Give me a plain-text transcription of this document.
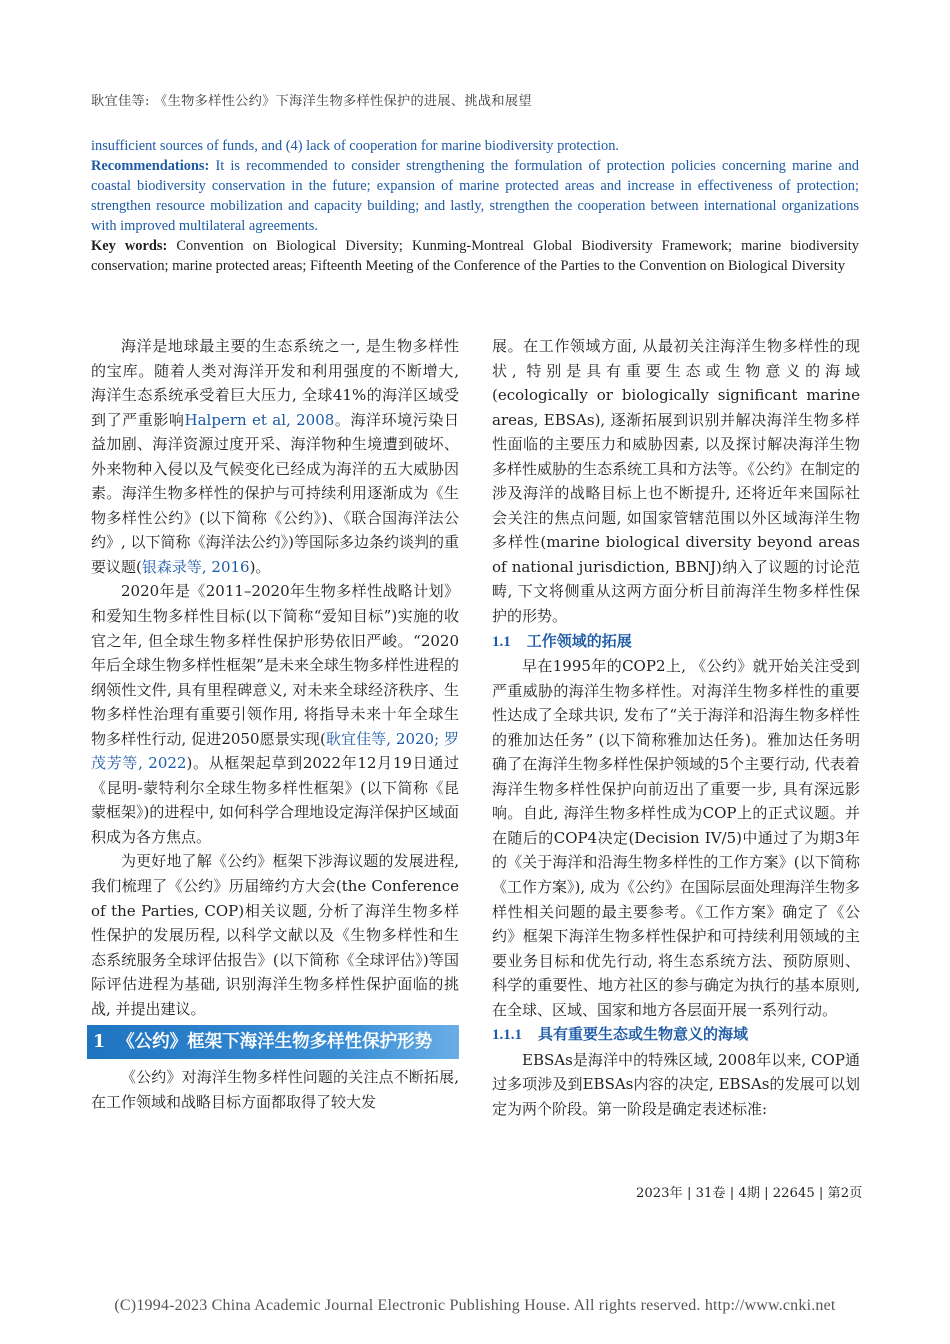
耿宜佳等: 《生物多样性公约》下海洋生物多样性保护的进展、挑战和展望
insufficient sources of funds, and (4) lack of cooperation for marine biodiversity protection.
Recommendations: It is recommended to consider strengthening the formulation of protection policies concerning marine and coastal biodiversity conservation in the future; expansion of marine protected areas and increase in effectiveness of protection; strengthen resource mobilization and capacity building; and lastly, strengthen the cooperation between international organizations with improved multilateral agreements.
Key words: Convention on Biological Diversity; Kunming-Montreal Global Biodiversity Framework; marine biodiversity conservation; marine protected areas; Fifteenth Meeting of the Conference of the Parties to the Convention on Biological Diversity

海洋是地球最主要的生态系统之一, 是生物多样性的宝库。随着人类对海洋开发和利用强度的不断增大, 海洋生态系统承受着巨大压力, 全球41%的海洋区域受到了严重影响Halpern et al, 2008。海洋环境污染日益加剧、海洋资源过度开采、海洋物种生境遭到破坏、外来物种入侵以及气候变化已经成为海洋的五大威胁因素。海洋生物多样性的保护与可持续利用逐渐成为《生物多样性公约》(以下简称《公约》)、《联合国海洋法公约》, 以下简称《海洋法公约》)等国际多边条约谈判的重要议题(银森录等, 2016)。

2020年是《2011–2020年生物多样性战略计划》和爱知生物多样性目标(以下简称“爱知目标”)实施的收官之年, 但全球生物多样性保护形势依旧严峻。“2020年后全球生物多样性框架”是未来全球生物多样性进程的纲领性文件, 具有里程碑意义, 对未来全球经济秩序、生物多样性治理有重要引领作用, 将指导未来十年全球生物多样性行动, 促进2050愿景实现(耿宜佳等, 2020; 罗茂芳等, 2022)。从框架起草到2022年12月19日通过《昆明-蒙特利尔全球生物多样性框架》(以下简称《昆蒙框架》)的进程中, 如何科学合理地设定海洋保护区域面积成为各方焦点。

为更好地了解《公约》框架下涉海议题的发展进程, 我们梳理了《公约》历届缔约方大会(the Conference of the Parties, COP)相关议题, 分析了海洋生物多样性保护的发展历程, 以科学文献以及《生物多样性和生态系统服务全球评估报告》(以下简称《全球评估》)等国际评估进程为基础, 识别海洋生物多样性保护面临的挑战, 并提出建议。

1 《公约》框架下海洋生物多样性保护形势

《公约》对海洋生物多样性问题的关注点不断拓展, 在工作领域和战略目标方面都取得了较大发

展。在工作领域方面, 从最初关注海洋生物多样性的现状, 特别是具有重要生态或生物意义的海域(ecologically or biologically significant marine areas, EBSAs), 逐渐拓展到识别并解决海洋生物多样性面临的主要压力和威胁因素, 以及探讨解决海洋生物多样性威胁的生态系统工具和方法等。《公约》在制定的涉及海洋的战略目标上也不断提升, 还将近年来国际社会关注的焦点问题, 如国家管辖范围以外区域海洋生物多样性(marine biological diversity beyond areas of national jurisdiction, BBNJ)纳入了议题的讨论范畴, 下文将侧重从这两方面分析目前海洋生物多样性保护的形势。

1.1 工作领域的拓展

早在1995年的COP2上, 《公约》就开始关注受到严重威胁的海洋生物多样性。对海洋生物多样性的重要性达成了全球共识, 发布了“关于海洋和沿海生物多样性的雅加达任务” (以下简称雅加达任务)。雅加达任务明确了在海洋生物多样性保护领域的5个主要行动, 代表着海洋生物多样性保护向前迈出了重要一步, 具有深远影响。自此, 海洋生物多样性成为COP上的正式议题。并在随后的COP4决定(Decision IV/5)中通过了为期3年的《关于海洋和沿海生物多样性的工作方案》(以下简称《工作方案》), 成为《公约》在国际层面处理海洋生物多样性相关问题的最主要参考。《工作方案》确定了《公约》框架下海洋生物多样性保护和可持续利用领域的主要业务目标和优先行动, 将生态系统方法、预防原则、科学的重要性、地方社区的参与确定为执行的基本原则, 在全球、区域、国家和地方各层面开展一系列行动。

1.1.1 具有重要生态或生物意义的海域

EBSAs是海洋中的特殊区域, 2008年以来, COP通过多项涉及到EBSAs内容的决定, EBSAs的发展可以划定为两个阶段。第一阶段是确定表述标准:

2023年 | 31卷 | 4期 | 22645 | 第2页
(C)1994-2023 China Academic Journal Electronic Publishing House. All rights reserved. http://www.cnki.net
